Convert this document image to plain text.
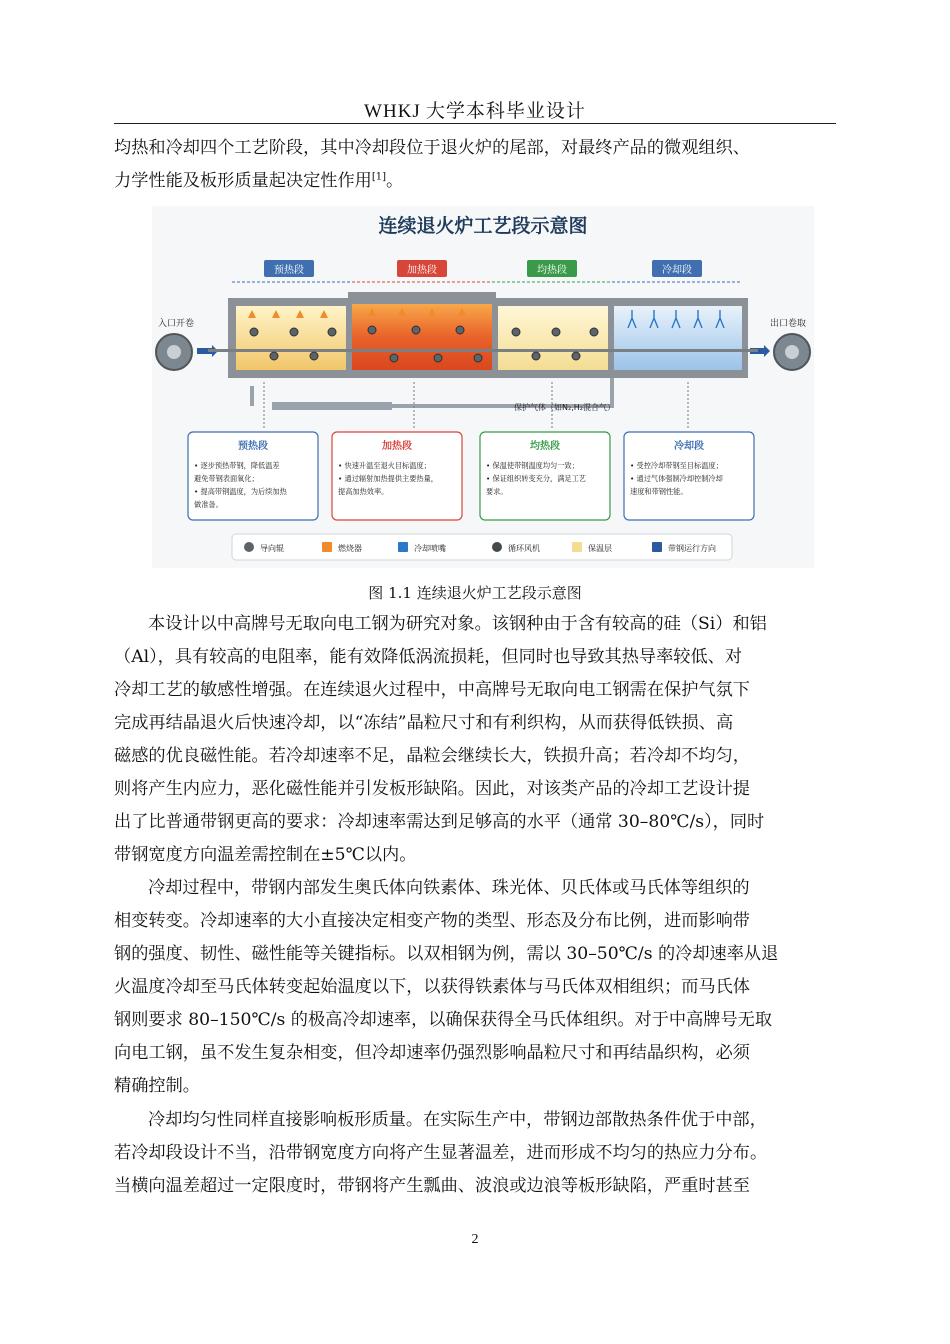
WHKJ 大学本科毕业设计
均热和冷却四个工艺阶段，其中冷却段位于退火炉的尾部，对最终产品的微观组织、
力学性能及板形质量起决定性作用[1]。
连续退火炉工艺段示意图
预热段	加热段	均热段	冷却段
入口开卷	出口卷取
保护气体（如N₂,H₂混合气）
预热段
• 逐步预热带钢，降低温差
避免带钢表面氧化；
• 提高带钢温度，为后续加热
做准备。
加热段
• 快速升温至退火目标温度；
• 通过辐射加热提供主要热量，
提高加热效率。
均热段
• 保温使带钢温度均匀一致；
• 保证组织转变充分，满足工艺
要求。
冷却段
• 受控冷却带钢至目标温度；
• 通过气体强制冷却控制冷却
速度和带钢性能。
导向辊	燃烧器	冷却喷嘴	循环风机	保温层	带钢运行方向
图 1.1 连续退火炉工艺段示意图
本设计以中高牌号无取向电工钢为研究对象。该钢种由于含有较高的硅（Si）和铝
（Al），具有较高的电阻率，能有效降低涡流损耗，但同时也导致其热导率较低、对
冷却工艺的敏感性增强。在连续退火过程中，中高牌号无取向电工钢需在保护气氛下
完成再结晶退火后快速冷却，以“冻结”晶粒尺寸和有利织构，从而获得低铁损、高
磁感的优良磁性能。若冷却速率不足，晶粒会继续长大，铁损升高；若冷却不均匀，
则将产生内应力，恶化磁性能并引发板形缺陷。因此，对该类产品的冷却工艺设计提
出了比普通带钢更高的要求：冷却速率需达到足够高的水平（通常 30–80℃/s），同时
带钢宽度方向温差需控制在±5℃以内。
冷却过程中，带钢内部发生奥氏体向铁素体、珠光体、贝氏体或马氏体等组织的
相变转变。冷却速率的大小直接决定相变产物的类型、形态及分布比例，进而影响带
钢的强度、韧性、磁性能等关键指标。以双相钢为例，需以 30–50℃/s 的冷却速率从退
火温度冷却至马氏体转变起始温度以下，以获得铁素体与马氏体双相组织；而马氏体
钢则要求 80–150℃/s 的极高冷却速率，以确保获得全马氏体组织。对于中高牌号无取
向电工钢，虽不发生复杂相变，但冷却速率仍强烈影响晶粒尺寸和再结晶织构，必须
精确控制。
冷却均匀性同样直接影响板形质量。在实际生产中，带钢边部散热条件优于中部，
若冷却段设计不当，沿带钢宽度方向将产生显著温差，进而形成不均匀的热应力分布。
当横向温差超过一定限度时，带钢将产生瓢曲、波浪或边浪等板形缺陷，严重时甚至
2
